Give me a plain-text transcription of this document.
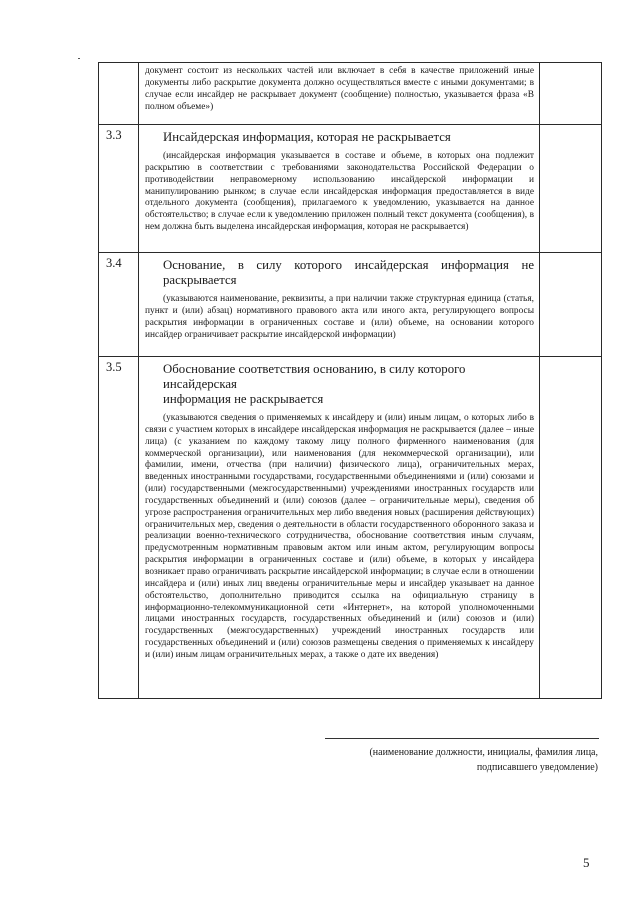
	документ состоит из нескольких частей или включает в себя в качестве приложений иные документы либо раскрытие документа должно осуществляться вместе с иными документами; в случае если инсайдер не раскрывает документ (сообщение) полностью, указывается фраза «В полном объеме»)	

3.3	Инсайдерская информация, которая не раскрывается

(инсайдерская информация указывается в составе и объеме, в которых она подлежит раскрытию в соответствии с требованиями законодательства Российской Федерации о противодействии неправомерному использованию инсайдерской информации и манипулированию рынком; в случае если инсайдерская информация предоставляется в виде отдельного документа (сообщения), прилагаемого к уведомлению, указывается на данное обстоятельство; в случае если к уведомлению приложен полный текст документа (сообщения), в нем должна быть выделена инсайдерская информация, которая не раскрывается)	

3.4	Основание, в силу которого инсайдерская информация не
раскрывается

(указываются наименование, реквизиты, а при наличии также структурная единица (статья, пункт и (или) абзац) нормативного правового акта или иного акта, регулирующего вопросы раскрытия информации в ограниченных составе и (или) объеме, на основании которого инсайдер ограничивает раскрытие инсайдерской информации)	

3.5	Обоснование соответствия основанию, в силу которого инсайдерская
информация не раскрывается

(указываются сведения о применяемых к инсайдеру и (или) иным лицам, о которых либо в связи с участием которых в инсайдере инсайдерская информация не раскрывается (далее – иные лица) (с указанием по каждому такому лицу полного фирменного наименования (для коммерческой организации), или наименования (для некоммерческой организации), или фамилии, имени, отчества (при наличии) физического лица), ограничительных мерах, введенных иностранными государствами, государственными объединениями и (или) союзами и (или) государственными (межгосударственными) учреждениями иностранных государств или государственных объединений и (или) союзов (далее – ограничительные меры), сведения об угрозе распространения ограничительных мер либо введения новых (расширения действующих) ограничительных мер, сведения о деятельности в области государственного оборонного заказа и реализации военно-технического сотрудничества, обоснование соответствия иным случаям, предусмотренным нормативным правовым актом или иным актом, регулирующим вопросы раскрытия информации в ограниченных составе и (или) объеме, в которых у инсайдера возникает право ограничивать раскрытие инсайдерской информации; в случае если в отношении инсайдера и (или) иных лиц введены ограничительные меры и инсайдер указывает на данное обстоятельство, дополнительно приводится ссылка на официальную страницу в информационно-телекоммуникационной сети «Интернет», на которой уполномоченными лицами иностранных государств, государственных объединений и (или) союзов и (или) государственных (межгосударственных) учреждений иностранных государств или государственных объединений и (или) союзов размещены сведения о применяемых к инсайдеру и (или) иным лицам ограничительных мерах, а также о дате их введения)	

(наименование должности, инициалы, фамилия лица,
подписавшего уведомление)
5
